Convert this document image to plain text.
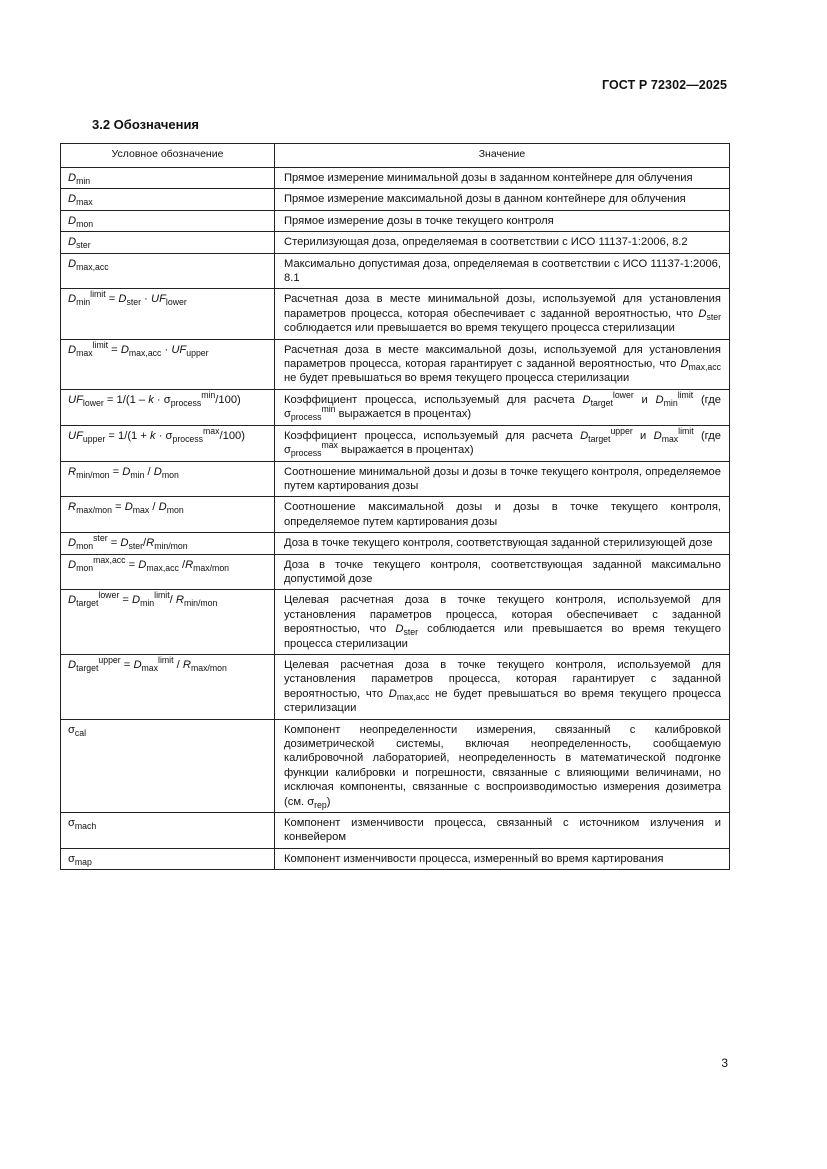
ГОСТ Р 72302—2025
3.2 Обозначения
Условное обозначение	Значение
$D_{min}$	Прямое измерение минимальной дозы в заданном контейнере для облучения
$D_{max}$	Прямое измерение максимальной дозы в данном контейнере для облучения
$D_{mon}$	Прямое измерение дозы в точке текущего контроля
$D_{ster}$	Стерилизующая доза, определяемая в соответствии с ИСО 11137-1:2006, 8.2
$D_{max,acc}$	Максимально допустимая доза, определяемая в соответствии с ИСО 11137-1:2006, 8.1
$D_{min}^{limit} = D_{ster} \cdot UF_{lower}$	Расчетная доза в месте минимальной дозы, используемой для установления параметров процесса, которая обеспечивает с заданной вероятностью, что $D_{ster}$ соблюдается или превышается во время текущего процесса стерилизации
$D_{max}^{limit} = D_{max,acc} \cdot UF_{upper}$	Расчетная доза в месте максимальной дозы, используемой для установления параметров процесса, которая гарантирует с заданной вероятностью, что $D_{max,acc}$ не будет превышаться во время текущего процесса стерилизации
$UF_{lower} = 1/(1 - k \cdot \sigma_{process}^{min}/100)$	Коэффициент процесса, используемый для расчета $D_{target}^{lower}$ и $D_{min}^{limit}$ (где $\sigma_{process}^{min}$ выражается в процентах)
$UF_{upper} = 1/(1 + k \cdot \sigma_{process}^{max}/100)$	Коэффициент процесса, используемый для расчета $D_{target}^{upper}$ и $D_{max}^{limit}$ (где $\sigma_{process}^{max}$ выражается в процентах)
$R_{min/mon} = D_{min} / D_{mon}$	Соотношение минимальной дозы и дозы в точке текущего контроля, определяемое путем картирования дозы
$R_{max/mon} = D_{max} / D_{mon}$	Соотношение максимальной дозы и дозы в точке текущего контроля, определяемое путем картирования дозы
$D_{mon}^{ster} = D_{ster}/R_{min/mon}$	Доза в точке текущего контроля, соответствующая заданной стерилизующей дозе
$D_{mon}^{max,acc} = D_{max,acc}$ $/R_{max/mon}$	Доза в точке текущего контроля, соответствующая заданной максимально допустимой дозе
$D_{target}^{lower} = D_{min}^{limit}/$ $R_{min/mon}$	Целевая расчетная доза в точке текущего контроля, используемой для установления параметров процесса, которая обеспечивает с заданной вероятностью, что $D_{ster}$ соблюдается или превышается во время текущего процесса стерилизации
$D_{target}^{upper} = D_{max}^{limit} / R_{max/mon}$	Целевая расчетная доза в точке текущего контроля, используемой для установления параметров процесса, которая гарантирует с заданной вероятностью, что $D_{max,acc}$ не будет превышаться во время текущего процесса стерилизации
$\sigma_{cal}$	Компонент неопределенности измерения, связанный с калибровкой дозиметрической системы, включая неопределенность, сообщаемую калибровочной лабораторией, неопределенность в математической подгонке функции калибровки и погрешности, связанные с влияющими величинами, но исключая компоненты, связанные с воспроизводимостью измерения дозиметра (см. $\sigma_{rep}$)
$\sigma_{mach}$	Компонент изменчивости процесса, связанный с источником излучения и конвейером
$\sigma_{map}$	Компонент изменчивости процесса, измеренный во время картирования
3
